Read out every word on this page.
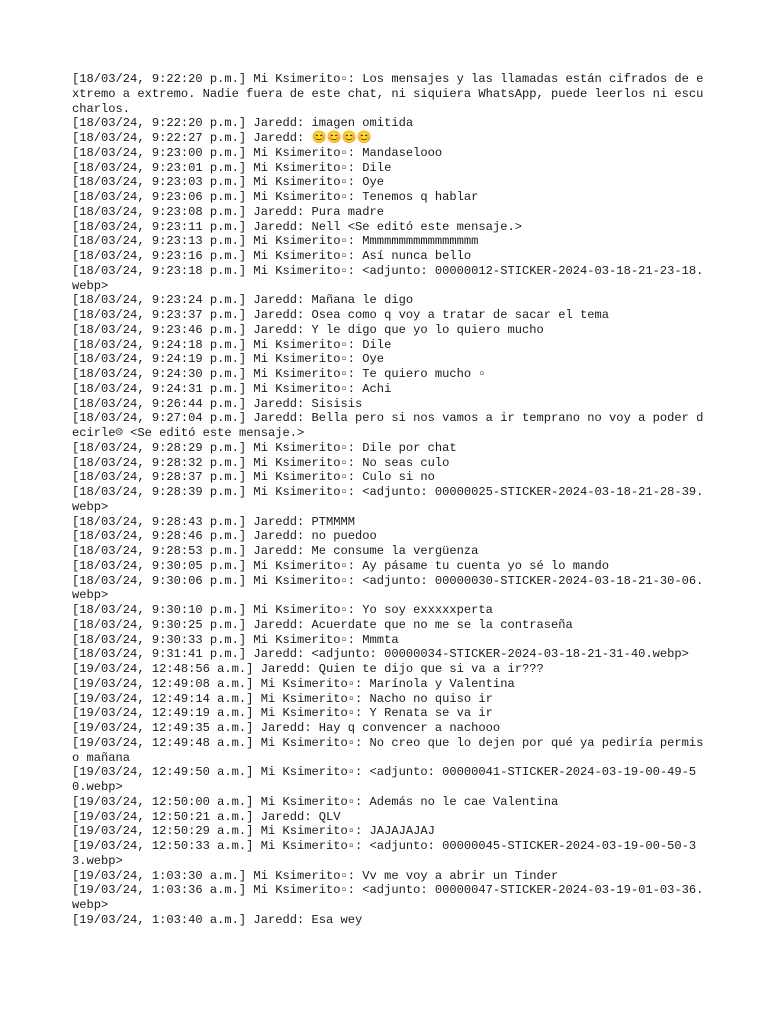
[18/03/24, 9:22:20 p.m.] Mi Ksimerito▫: Los mensajes y las llamadas están cifrados de extremo a extremo. Nadie fuera de este chat, ni siquiera WhatsApp, puede leerlos ni escucharlos.

[18/03/24, 9:22:20 p.m.] Jaredd: imagen omitida

[18/03/24, 9:22:27 p.m.] Jaredd: 😊😊😊😊

[18/03/24, 9:23:00 p.m.] Mi Ksimerito▫: Mandaselooo

[18/03/24, 9:23:01 p.m.] Mi Ksimerito▫: Dile

[18/03/24, 9:23:03 p.m.] Mi Ksimerito▫: Oye

[18/03/24, 9:23:06 p.m.] Mi Ksimerito▫: Tenemos q hablar

[18/03/24, 9:23:08 p.m.] Jaredd: Pura madre

[18/03/24, 9:23:11 p.m.] Jaredd: Nell <Se editó este mensaje.>

[18/03/24, 9:23:13 p.m.] Mi Ksimerito▫: Mmmmmmmmmmmmmmmm

[18/03/24, 9:23:16 p.m.] Mi Ksimerito▫: Así nunca bello

[18/03/24, 9:23:18 p.m.] Mi Ksimerito▫: <adjunto: 00000012-STICKER-2024-03-18-21-23-18.webp>

[18/03/24, 9:23:24 p.m.] Jaredd: Mañana le digo

[18/03/24, 9:23:37 p.m.] Jaredd: Osea como q voy a tratar de sacar el tema

[18/03/24, 9:23:46 p.m.] Jaredd: Y le digo que yo lo quiero mucho

[18/03/24, 9:24:18 p.m.] Mi Ksimerito▫: Dile

[18/03/24, 9:24:19 p.m.] Mi Ksimerito▫: Oye

[18/03/24, 9:24:30 p.m.] Mi Ksimerito▫: Te quiero mucho ▫

[18/03/24, 9:24:31 p.m.] Mi Ksimerito▫: Achi

[18/03/24, 9:26:44 p.m.] Jaredd: Sisisis

[18/03/24, 9:27:04 p.m.] Jaredd: Bella pero si nos vamos a ir temprano no voy a poder decirle☹ <Se editó este mensaje.>

[18/03/24, 9:28:29 p.m.] Mi Ksimerito▫: Dile por chat

[18/03/24, 9:28:32 p.m.] Mi Ksimerito▫: No seas culo

[18/03/24, 9:28:37 p.m.] Mi Ksimerito▫: Culo si no

[18/03/24, 9:28:39 p.m.] Mi Ksimerito▫: <adjunto: 00000025-STICKER-2024-03-18-21-28-39.webp>

[18/03/24, 9:28:43 p.m.] Jaredd: PTMMMM

[18/03/24, 9:28:46 p.m.] Jaredd: no puedoo

[18/03/24, 9:28:53 p.m.] Jaredd: Me consume la vergüenza

[18/03/24, 9:30:05 p.m.] Mi Ksimerito▫: Ay pásame tu cuenta yo sé lo mando

[18/03/24, 9:30:06 p.m.] Mi Ksimerito▫: <adjunto: 00000030-STICKER-2024-03-18-21-30-06.webp>

[18/03/24, 9:30:10 p.m.] Mi Ksimerito▫: Yo soy exxxxxperta

[18/03/24, 9:30:25 p.m.] Jaredd: Acuerdate que no me se la contraseña

[18/03/24, 9:30:33 p.m.] Mi Ksimerito▫: Mmmta

[18/03/24, 9:31:41 p.m.] Jaredd: <adjunto: 00000034-STICKER-2024-03-18-21-31-40.webp>

[19/03/24, 12:48:56 a.m.] Jaredd: Quien te dijo que si va a ir???

[19/03/24, 12:49:08 a.m.] Mi Ksimerito▫: Marínola y Valentina

[19/03/24, 12:49:14 a.m.] Mi Ksimerito▫: Nacho no quiso ir

[19/03/24, 12:49:19 a.m.] Mi Ksimerito▫: Y Renata se va ir

[19/03/24, 12:49:35 a.m.] Jaredd: Hay q convencer a nachooo

[19/03/24, 12:49:48 a.m.] Mi Ksimerito▫: No creo que lo dejen por qué ya pediría permiso mañana

[19/03/24, 12:49:50 a.m.] Mi Ksimerito▫: <adjunto: 00000041-STICKER-2024-03-19-00-49-50.webp>

[19/03/24, 12:50:00 a.m.] Mi Ksimerito▫: Además no le cae Valentina

[19/03/24, 12:50:21 a.m.] Jaredd: QLV

[19/03/24, 12:50:29 a.m.] Mi Ksimerito▫: JAJAJAJAJ

[19/03/24, 12:50:33 a.m.] Mi Ksimerito▫: <adjunto: 00000045-STICKER-2024-03-19-00-50-33.webp>

[19/03/24, 1:03:30 a.m.] Mi Ksimerito▫: Vv me voy a abrir un Tinder

[19/03/24, 1:03:36 a.m.] Mi Ksimerito▫: <adjunto: 00000047-STICKER-2024-03-19-01-03-36.webp>

[19/03/24, 1:03:40 a.m.] Jaredd: Esa wey
